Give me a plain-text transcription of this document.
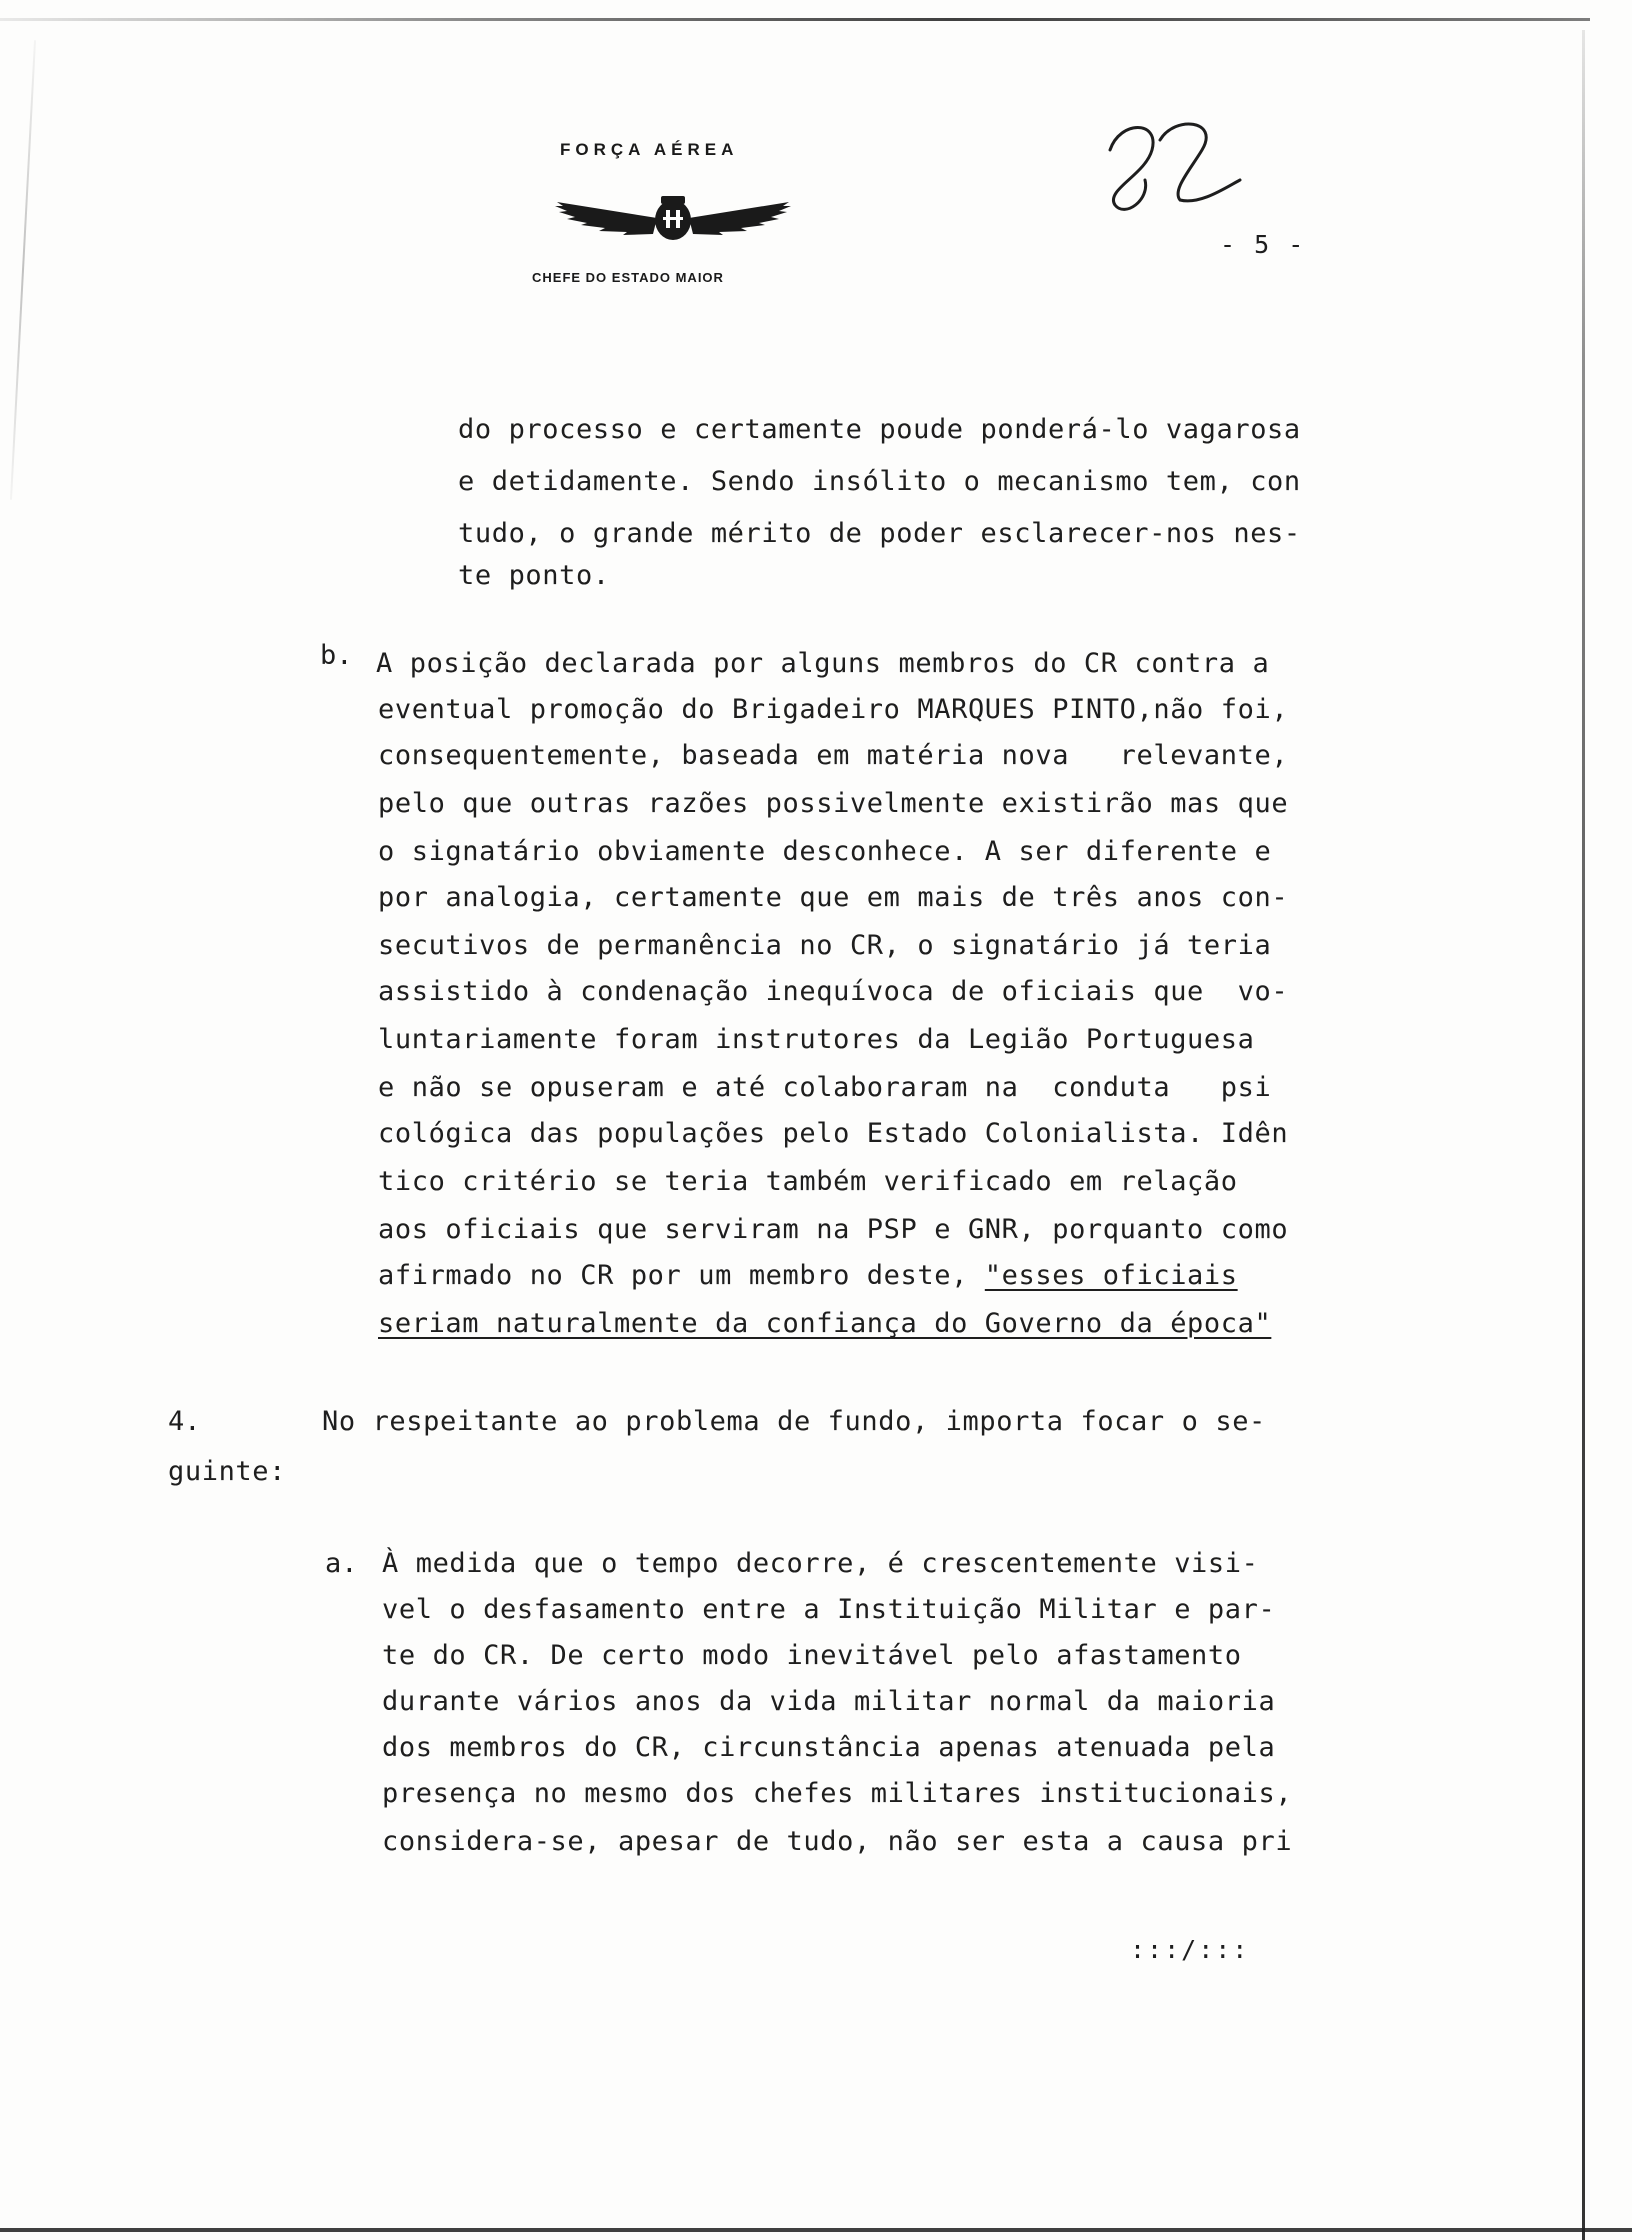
FORÇA AÉREA
CHEFE DO ESTADO MAIOR
- 5 -
do processo e certamente poude ponderá-lo vagarosa
e detidamente. Sendo insólito o mecanismo tem, con
tudo, o grande mérito de poder esclarecer-nos nes-
te ponto.
b. A posição declarada por alguns membros do CR contra a
eventual promoção do Brigadeiro MARQUES PINTO,não foi,
consequentemente, baseada em matéria nova   relevante,
pelo que outras razões possivelmente existirão mas que
o signatário obviamente desconhece. A ser diferente e
por analogia, certamente que em mais de três anos con-
secutivos de permanência no CR, o signatário já teria
assistido à condenação inequívoca de oficiais que  vo-
luntariamente foram instrutores da Legião Portuguesa
e não se opuseram e até colaboraram na  conduta   psi
cológica das populações pelo Estado Colonialista. Idên
tico critério se teria também verificado em relação
aos oficiais que serviram na PSP e GNR, porquanto como
afirmado no CR por um membro deste, "esses oficiais
seriam naturalmente da confiança do Governo da época"
4.	No respeitante ao problema de fundo, importa focar o se-
guinte:
a. À medida que o tempo decorre, é crescentemente visi-
vel o desfasamento entre a Instituição Militar e par-
te do CR. De certo modo inevitável pelo afastamento
durante vários anos da vida militar normal da maioria
dos membros do CR, circunstância apenas atenuada pela
presença no mesmo dos chefes militares institucionais,
considera-se, apesar de tudo, não ser esta a causa pri
:::/:::
